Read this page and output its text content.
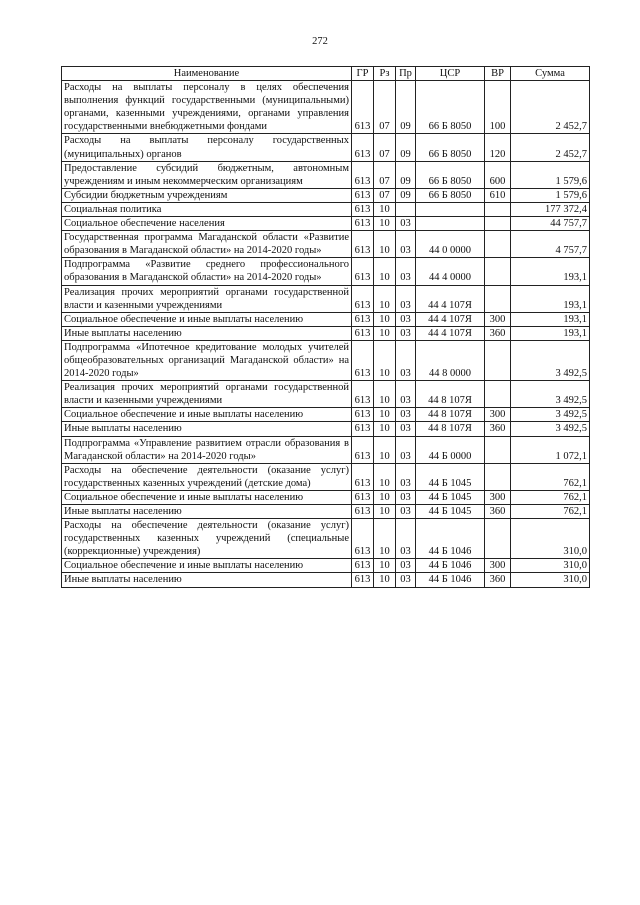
272
Наименование	ГР	Рз	Пр	ЦСР	ВР	Сумма
Расходы на выплаты персоналу в целях обеспечения выполнения функций государственными (муниципальными) органами, казенными учреждениями, органами управления государственными внебюджетными фондами	613	07	09	66 Б 8050	100	2 452,7
Расходы на выплаты персоналу государственных (муниципальных) органов	613	07	09	66 Б 8050	120	2 452,7
Предоставление субсидий бюджетным, автономным учреждениям и иным некоммерческим организациям	613	07	09	66 Б 8050	600	1 579,6
Субсидии бюджетным учреждениям	613	07	09	66 Б 8050	610	1 579,6
Социальная политика	613	10				177 372,4
Социальное обеспечение населения	613	10	03			44 757,7
Государственная программа Магаданской области «Развитие образования в Магаданской области» на 2014-2020 годы»	613	10	03	44 0 0000		4 757,7
Подпрограмма «Развитие среднего профессионального образования в Магаданской области» на 2014-2020 годы»	613	10	03	44 4 0000		193,1
Реализация прочих мероприятий органами государственной власти и казенными учреждениями	613	10	03	44 4 107Я		193,1
Социальное обеспечение и иные выплаты населению	613	10	03	44 4 107Я	300	193,1
Иные выплаты населению	613	10	03	44 4 107Я	360	193,1
Подпрограмма «Ипотечное кредитование молодых учителей общеобразовательных организаций Магаданской области» на 2014-2020 годы»	613	10	03	44 8 0000		3 492,5
Реализация прочих мероприятий органами государственной власти и казенными учреждениями	613	10	03	44 8 107Я		3 492,5
Социальное обеспечение и иные выплаты населению	613	10	03	44 8 107Я	300	3 492,5
Иные выплаты населению	613	10	03	44 8 107Я	360	3 492,5
Подпрограмма «Управление развитием отрасли образования в Магаданской области» на 2014-2020 годы»	613	10	03	44 Б 0000		1 072,1
Расходы на обеспечение деятельности (оказание услуг) государственных казенных учреждений (детские дома)	613	10	03	44 Б 1045		762,1
Социальное обеспечение и иные выплаты населению	613	10	03	44 Б 1045	300	762,1
Иные выплаты населению	613	10	03	44 Б 1045	360	762,1
Расходы на обеспечение деятельности (оказание услуг) государственных казенных учреждений (специальные (коррекционные) учреждения)	613	10	03	44 Б 1046		310,0
Социальное обеспечение и иные выплаты населению	613	10	03	44 Б 1046	300	310,0
Иные выплаты населению	613	10	03	44 Б 1046	360	310,0
